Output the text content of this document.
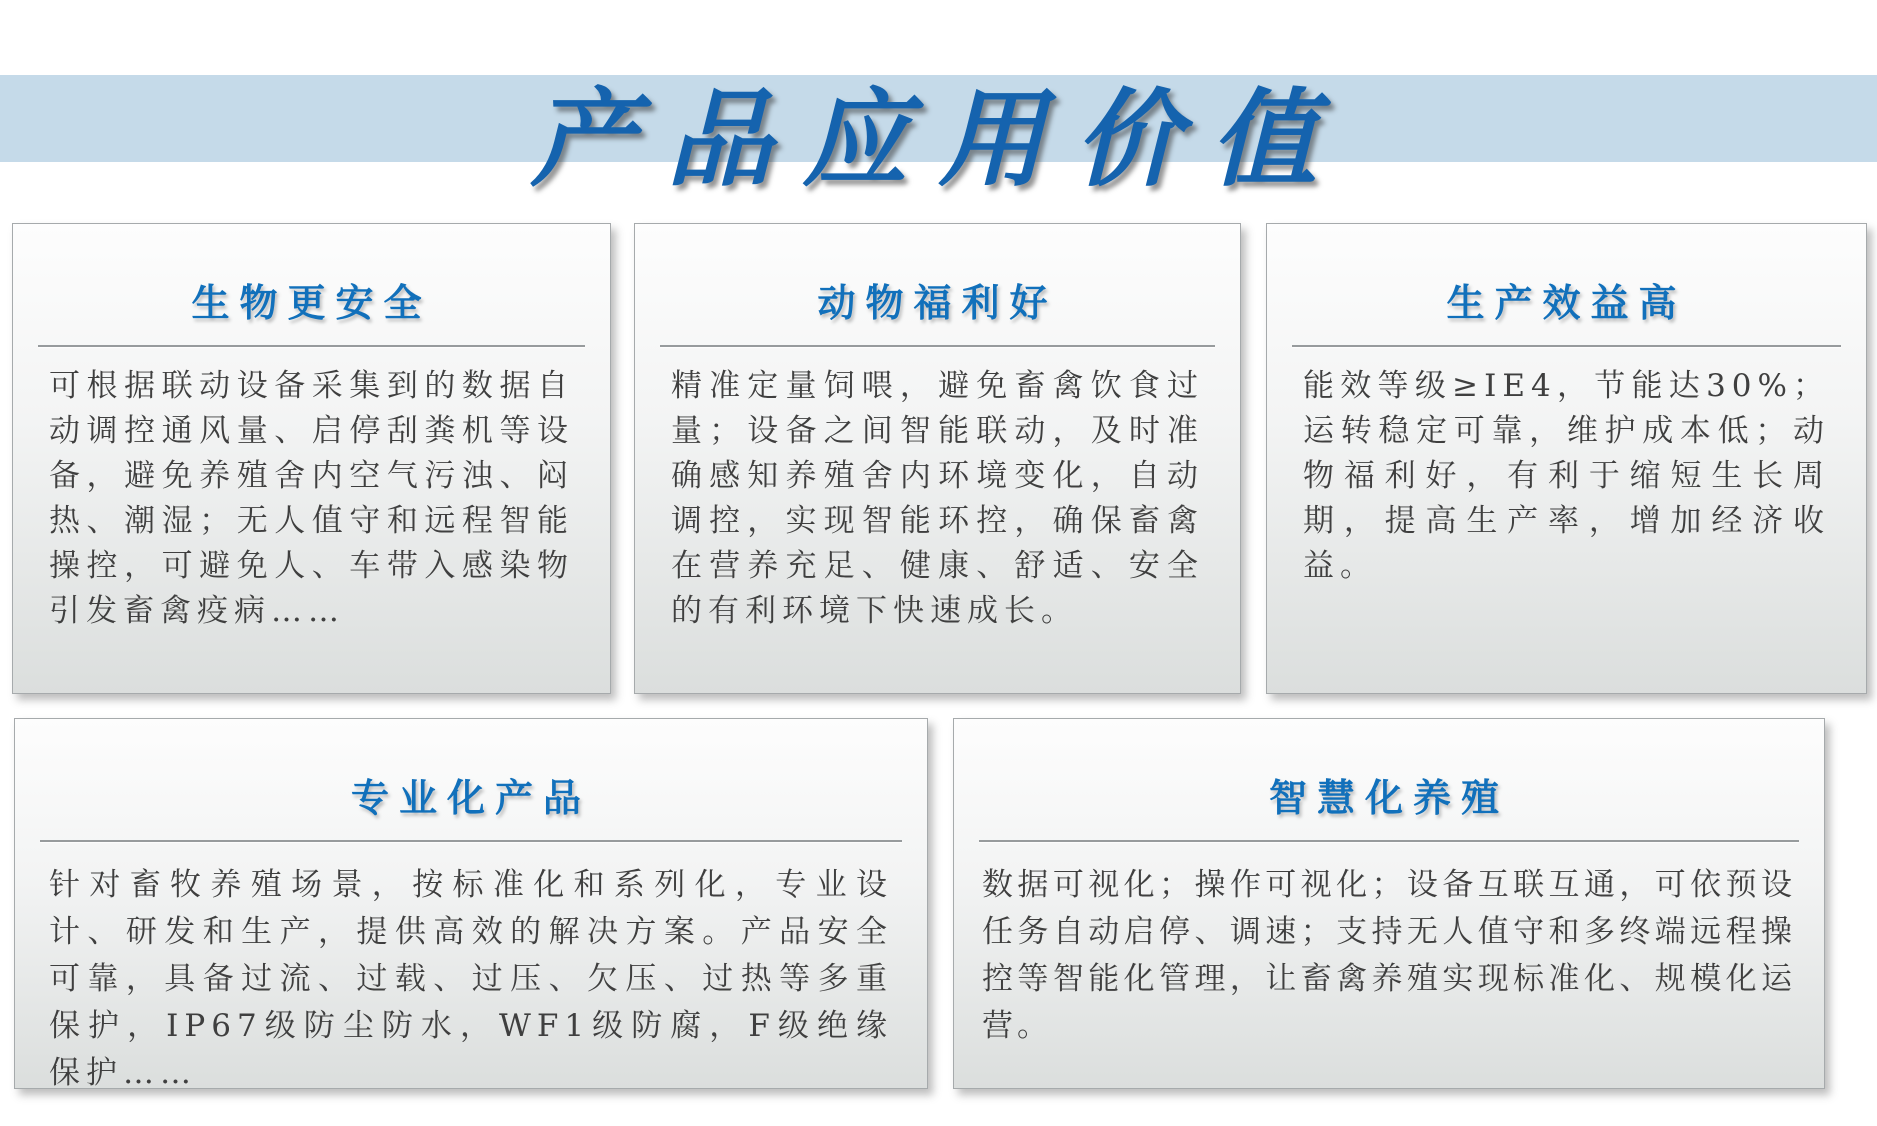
产品应用价值
生物更安全

可根据联动设备采集到的数据自动调控通风量、启停刮粪机等设备，避免养殖舍内空气污浊、闷热、潮湿；无人值守和远程智能操控，可避免人、车带入感染物引发畜禽疫病……

动物福利好

精准定量饲喂，避免畜禽饮食过量；设备之间智能联动，及时准确感知养殖舍内环境变化，自动调控，实现智能环控，确保畜禽在营养充足、健康、舒适、安全的有利环境下快速成长。

生产效益高

能效等级≥IE4，节能达30%；运转稳定可靠，维护成本低；动物福利好，有利于缩短生长周期，提高生产率，增加经济收益。

专业化产品

针对畜牧养殖场景，按标准化和系列化，专业设计、研发和生产，提供高效的解决方案。产品安全可靠，具备过流、过载、过压、欠压、过热等多重保护，IP67级防尘防水，WF1级防腐，F级绝缘保护……

智慧化养殖

数据可视化；操作可视化；设备互联互通，可依预设任务自动启停、调速；支持无人值守和多终端远程操控等智能化管理，让畜禽养殖实现标准化、规模化运营。
